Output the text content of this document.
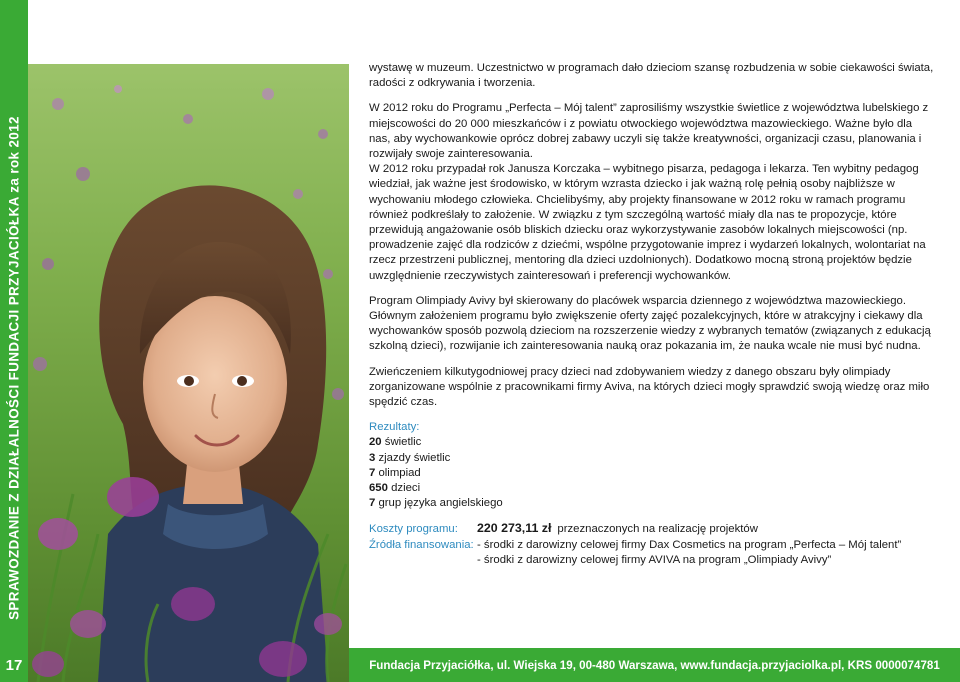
SPRAWOZDANIE Z DZIAŁALNOŚCI FUNDACJI PRZYJACIÓŁKA za rok 2012
17

wystawę w muzeum. Uczestnictwo w programach dało dzieciom szansę rozbudzenia w sobie ciekawości świata, radości z odkrywania i tworzenia.

W 2012 roku do Programu „Perfecta – Mój talent” zaprosiliśmy wszystkie świetlice z województwa lubelskiego z miejscowości do 20 000 mieszkańców i z powiatu otwockiego województwa mazowieckiego. Ważne było dla nas, aby wychowankowie oprócz dobrej zabawy uczyli się także kreatywności, organizacji czasu, planowania i rozwijały swoje zainteresowania.

W 2012 roku przypadał rok Janusza Korczaka – wybitnego pisarza, pedagoga i lekarza. Ten wybitny pedagog wiedział, jak ważne jest środowisko, w którym wzrasta dziecko i jak ważną rolę pełnią osoby najbliższe w wychowaniu młodego człowieka. Chcielibyśmy, aby projekty finansowane w 2012 roku w ramach programu również podkreślały to założenie. W związku z tym szczególną wartość miały dla nas te propozycje, które przewidują angażowanie osób bliskich dziecku oraz wykorzystywanie zasobów lokalnych miejscowości (np. prowadzenie zajęć dla rodziców z dziećmi, wspólne przygotowanie imprez i wydarzeń lokalnych, wolontariat na rzecz przestrzeni publicznej, mentoring dla dzieci uzdolnionych). Dodatkowo mocną stroną projektów będzie uwzględnienie rzeczywistych zainteresowań i preferencji wychowanków.

Program Olimpiady Avivy był skierowany do placówek wsparcia dziennego z województwa mazowieckiego. Głównym założeniem programu było zwiększenie oferty zajęć pozalekcyjnych, które w atrakcyjny i ciekawy dla wychowanków sposób pozwolą dzieciom na rozszerzenie wiedzy z wybranych tematów (związanych z edukacją szkolną dzieci), rozwijanie ich zainteresowania nauką oraz pokazania im, że nauka wcale nie musi być nudna.

Zwieńczeniem kilkutygodniowej pracy dzieci nad zdobywaniem wiedzy z danego obszaru były olimpiady zorganizowane wspólnie z pracownikami firmy Aviva, na których dzieci mogły sprawdzić swoją wiedzę oraz miło spędzić czas.

Rezultaty:

20 świetlic

3 zjazdy świetlic

7 olimpiad

650 dzieci

7 grup języka angielskiego

Koszty programu:	220 273,11 zł przeznaczonych na realizację projektów
Źródła finansowania: - środki z darowizny celowej firmy Dax Cosmetics na program „Perfecta – Mój talent”

- środki z darowizny celowej firmy AVIVA na program „Olimpiady Avivy”

Fundacja Przyjaciółka, ul. Wiejska 19, 00-480 Warszawa, www.fundacja.przyjaciolka.pl, KRS 0000074781
